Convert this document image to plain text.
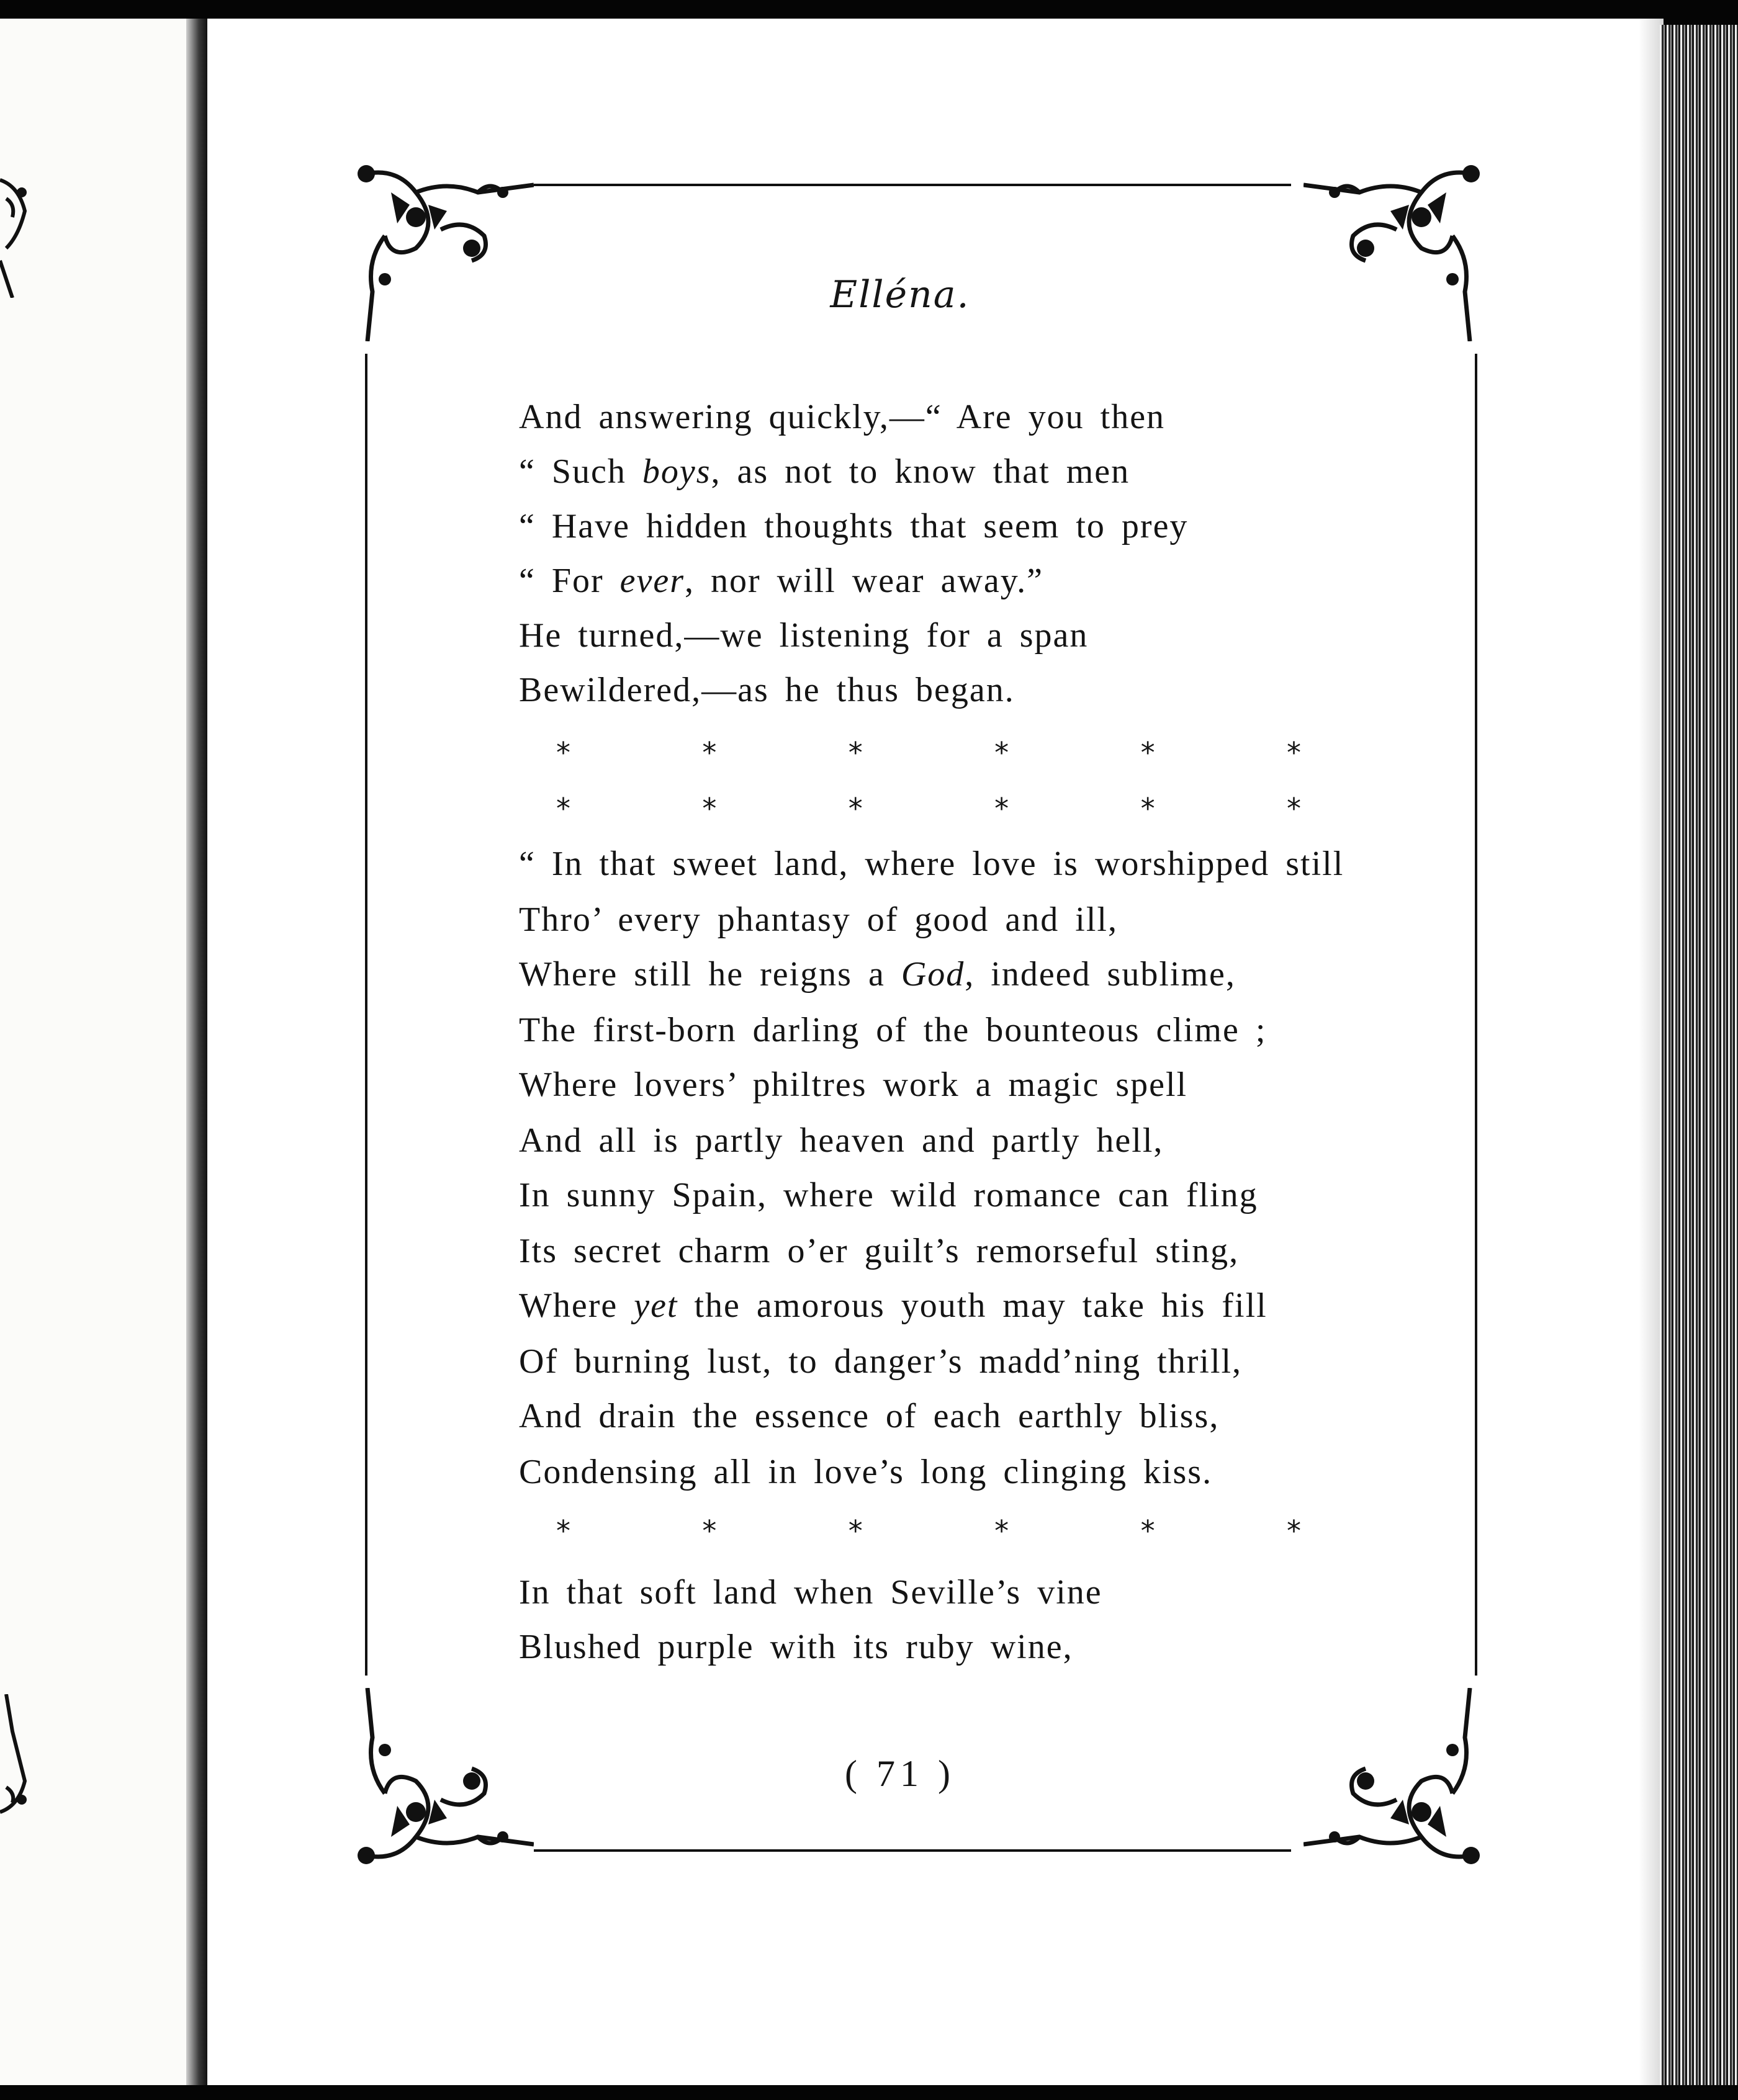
Elléna.
And answering quickly,—“ Are you then
“ Such boys, as not to know that men
“ Have hidden thoughts that seem to prey
“ For ever, nor will wear away.”
He turned,—we listening for a span
Bewildered,—as he thus began.
“ In that sweet land, where love is worshipped still
Thro’ every phantasy of good and ill,
Where still he reigns a God, indeed sublime,
The first-born darling of the bounteous clime ;
Where lovers’ philtres work a magic spell
And all is partly heaven and partly hell,
In sunny Spain, where wild romance can fling
Its secret charm o’er guilt’s remorseful sting,
Where yet the amorous youth may take his fill
Of burning lust, to danger’s madd’ning thrill,
And drain the essence of each earthly bliss,
Condensing all in love’s long clinging kiss.
In that soft land when Seville’s vine
Blushed purple with its ruby wine,
*	*	*	*	*	*
*	*	*	*	*	*
*	*	*	*	*	*
( 71 )
